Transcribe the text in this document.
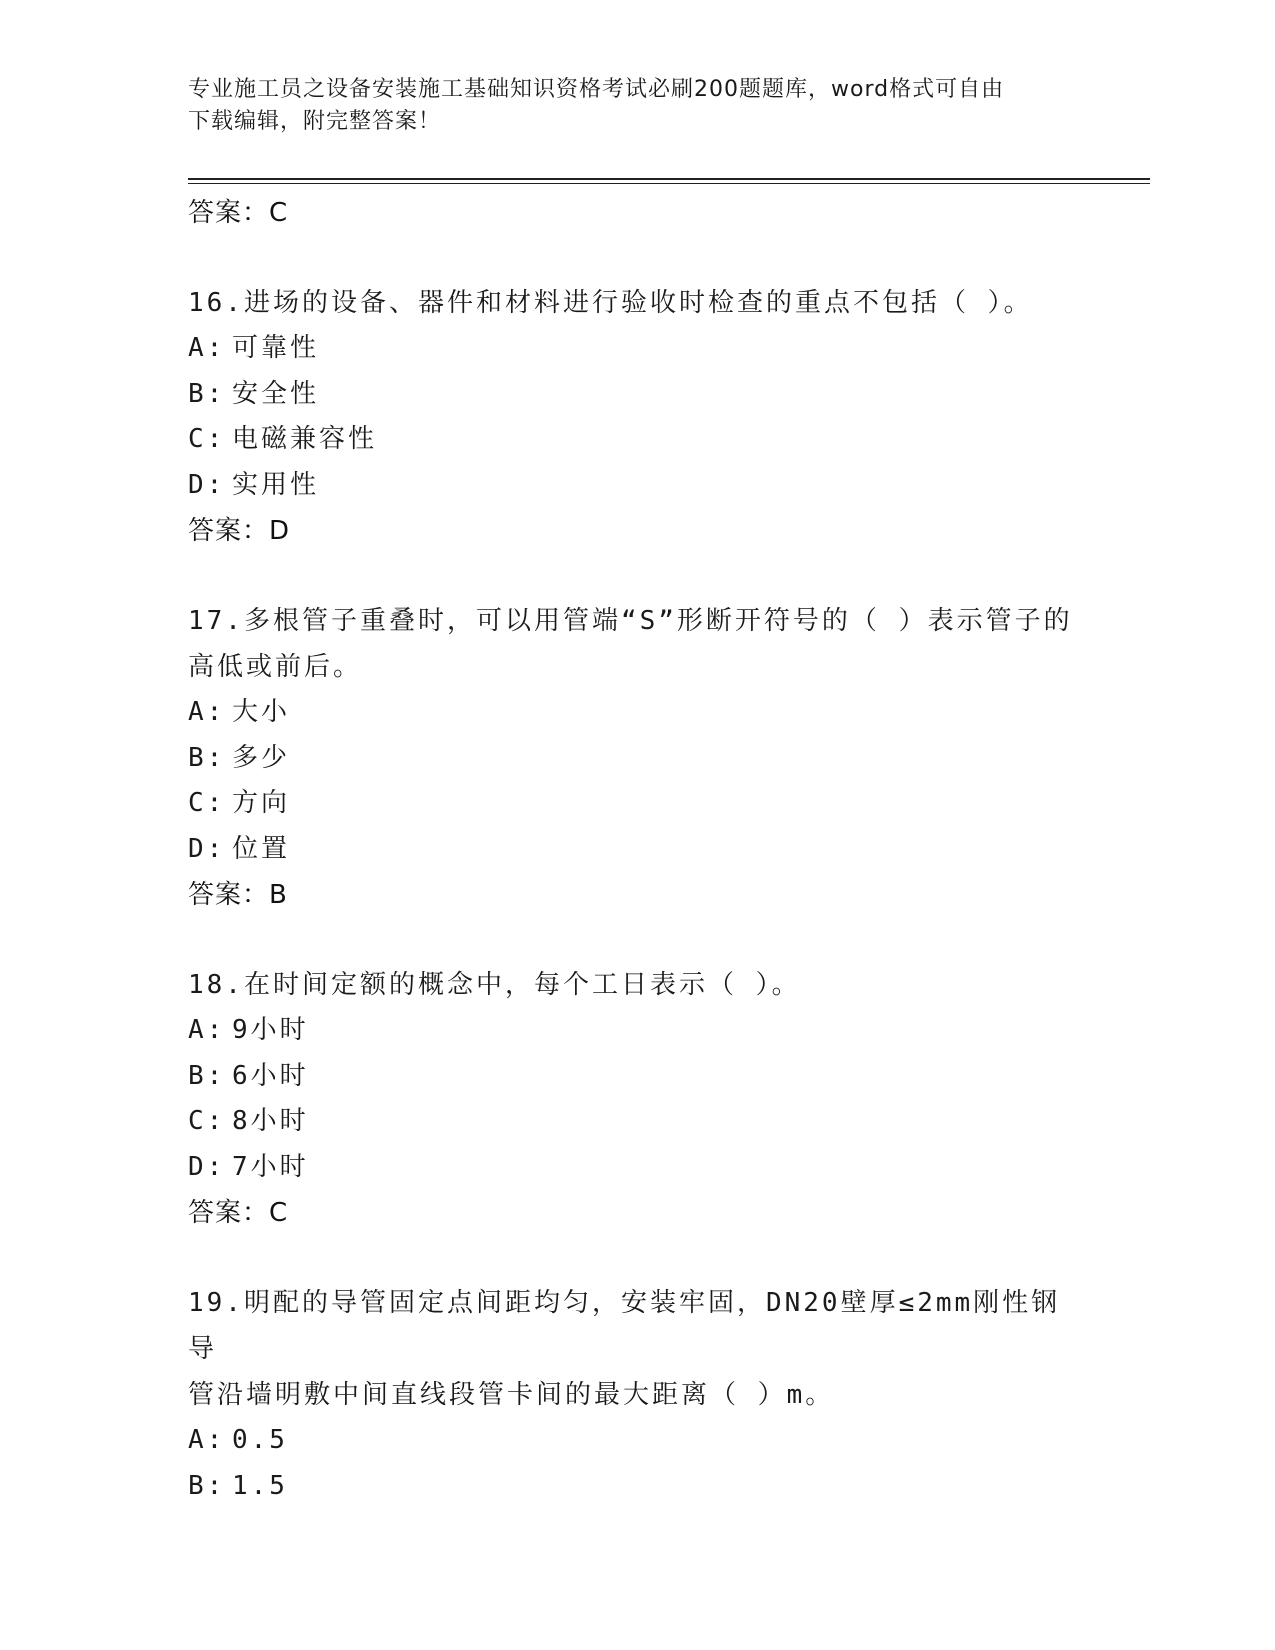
专业施工员之设备安装施工基础知识资格考试必刷200题题库，word格式可自由
下载编辑，附完整答案！

答案：C

16.进场的设备、器件和材料进行验收时检查的重点不包括（ ）。

A: 可靠性

B: 安全性

C: 电磁兼容性

D: 实用性

答案：D

17.多根管子重叠时，可以用管端“S”形断开符号的（ ）表示管子的

高低或前后。

A: 大小

B: 多少

C: 方向

D: 位置

答案：B

18.在时间定额的概念中，每个工日表示（ ）。

A: 9小时

B: 6小时

C: 8小时

D: 7小时

答案：C

19.明配的导管固定点间距均匀，安装牢固，DN20壁厚≤2mm刚性钢导

管沿墙明敷中间直线段管卡间的最大距离（ ）m。

A: 0.5

B: 1.5
